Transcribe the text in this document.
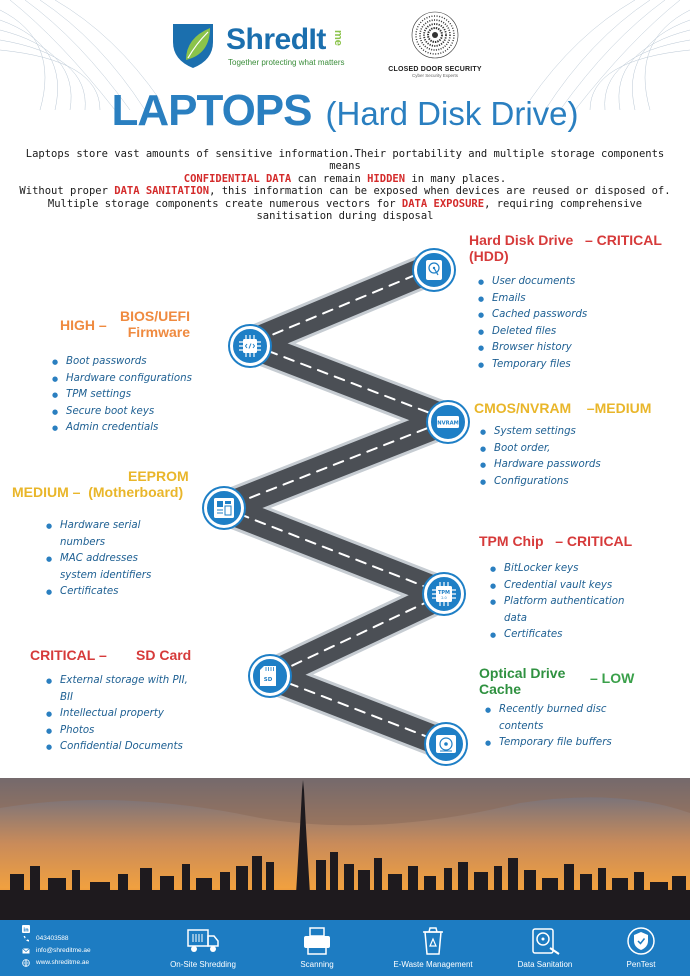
ShredIt me
Together protecting what matters
CLOSED DOOR SECURITY
Cyber Security Experts
LAPTOPS (Hard Disk Drive)
Laptops store vast amounts of sensitive information.Their portability and multiple storage components means
CONFIDENTIAL DATA can remain HIDDEN in many places.
Without proper DATA SANITATION, this information can be exposed when devices are reused or disposed of.
Multiple storage components create numerous vectors for DATA EXPOSURE, requiring comprehensive
sanitisation during disposal
NVRAM
TPM
2.0
SD
Hard Disk Drive – CRITICAL
(HDD)
● User documents
● Emails
● Cached passwords
● Deleted files
● Browser history
● Temporary files
HIGH –
BIOS/UEFI
Firmware
● Boot passwords
● Hardware configurations
● TPM settings
● Secure boot keys
● Admin credentials
CMOS/NVRAM –MEDIUM
● System settings
● Boot order,
● Hardware passwords
● Configurations
EEPROM
MEDIUM – (Motherboard)
● Hardware serial
numbers
● MAC addresses
system identifiers
● Certificates
TPM Chip – CRITICAL
● BitLocker keys
● Credential vault keys
● Platform authentication
data
● Certificates
CRITICAL – SD Card
● External storage with PII,
BII
● Intellectual property
● Photos
● Confidential Documents
Optical Drive
Cache
– LOW
● Recently burned disc
contents
● Temporary file buffers
in
043403588
info@shreditme.ae
www.shreditme.ae	On-Site Shredding	Scanning	E-Waste Management	Data Sanitation	PenTest
